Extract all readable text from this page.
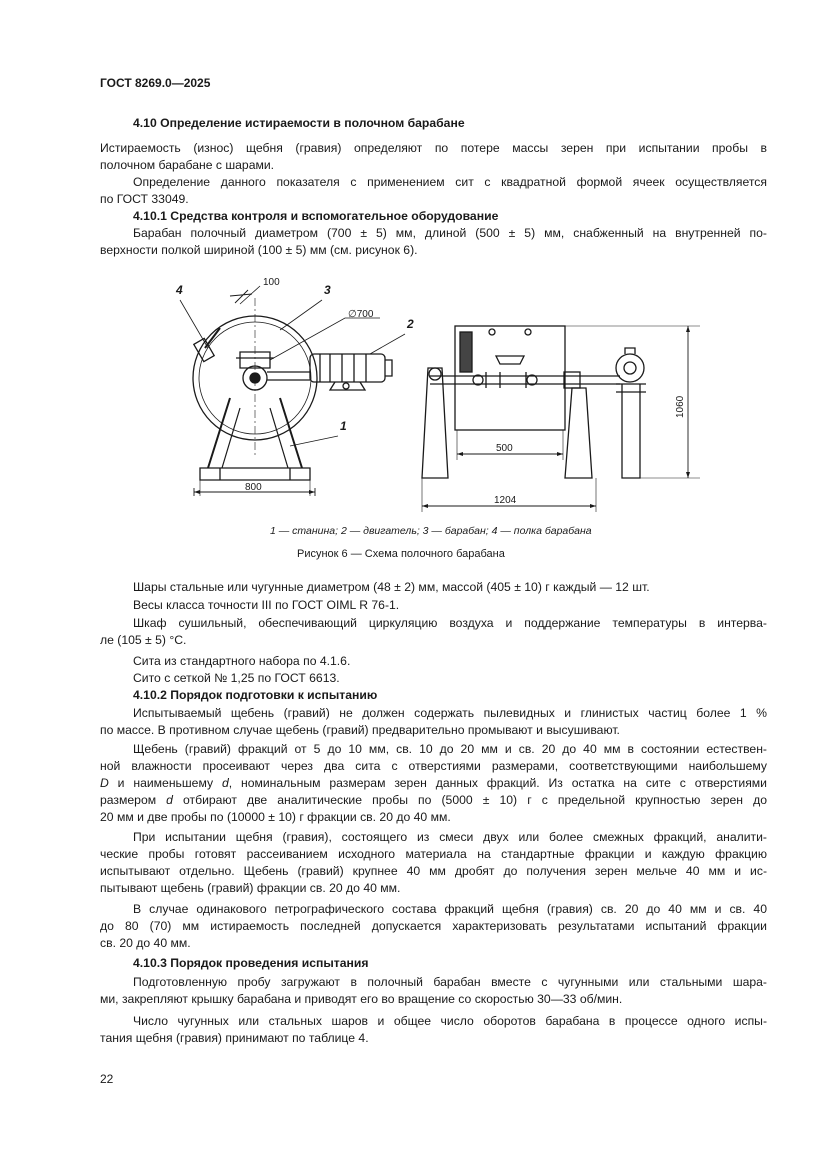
ГОСТ 8269.0—2025
4.10 Определение истираемости в полочном барабане
Истираемость (износ) щебня (гравия) определяют по потере массы зерен при испытании пробы в
полочном барабане с шарами.
Определение данного показателя с применением сит с квадратной формой ячеек осуществляется
по ГОСТ 33049.
4.10.1 Средства контроля и вспомогательное оборудование
Барабан полочный диаметром (700 ± 5) мм, длиной (500 ± 5) мм, снабженный на внутренней по-
верхности полкой шириной (100 ± 5) мм (см. рисунок 6).
800
100
∅700
4	3
2
1
500
1204
1060
1 — станина; 2 — двигатель; 3 — барабан; 4 — полка барабана
Рисунок 6 — Схема полочного барабана
Шары стальные или чугунные диаметром (48 ± 2) мм, массой (405 ± 10) г каждый — 12 шт.
Весы класса точности III по ГОСТ OIML R 76-1.
Шкаф сушильный, обеспечивающий циркуляцию воздуха и поддержание температуры в интерва-
ле (105 ± 5) °С.
Сита из стандартного набора по 4.1.6.
Сито с сеткой № 1,25 по ГОСТ 6613.
4.10.2 Порядок подготовки к испытанию
Испытываемый щебень (гравий) не должен содержать пылевидных и глинистых частиц более 1 %
по массе. В противном случае щебень (гравий) предварительно промывают и высушивают.
Щебень (гравий) фракций от 5 до 10 мм, св. 10 до 20 мм и св. 20 до 40 мм в состоянии естествен-
ной влажности просеивают через два сита с отверстиями размерами, соответствующими наибольшему
D и наименьшему d, номинальным размерам зерен данных фракций. Из остатка на сите с отверстиями
размером d отбирают две аналитические пробы по (5000 ± 10) г с предельной крупностью зерен до
20 мм и две пробы по (10000 ± 10) г фракции св. 20 до 40 мм.
При испытании щебня (гравия), состоящего из смеси двух или более смежных фракций, аналити-
ческие пробы готовят рассеиванием исходного материала на стандартные фракции и каждую фракцию
испытывают отдельно. Щебень (гравий) крупнее 40 мм дробят до получения зерен мельче 40 мм и ис-
пытывают щебень (гравий) фракции св. 20 до 40 мм.
В случае одинакового петрографического состава фракций щебня (гравия) св. 20 до 40 мм и св. 40
до 80 (70) мм истираемость последней допускается характеризовать результатами испытаний фракции
св. 20 до 40 мм.
4.10.3 Порядок проведения испытания
Подготовленную пробу загружают в полочный барабан вместе с чугунными или стальными шара-
ми, закрепляют крышку барабана и приводят его во вращение со скоростью 30—33 об/мин.
Число чугунных или стальных шаров и общее число оборотов барабана в процессе одного испы-
тания щебня (гравия) принимают по таблице 4.
22
